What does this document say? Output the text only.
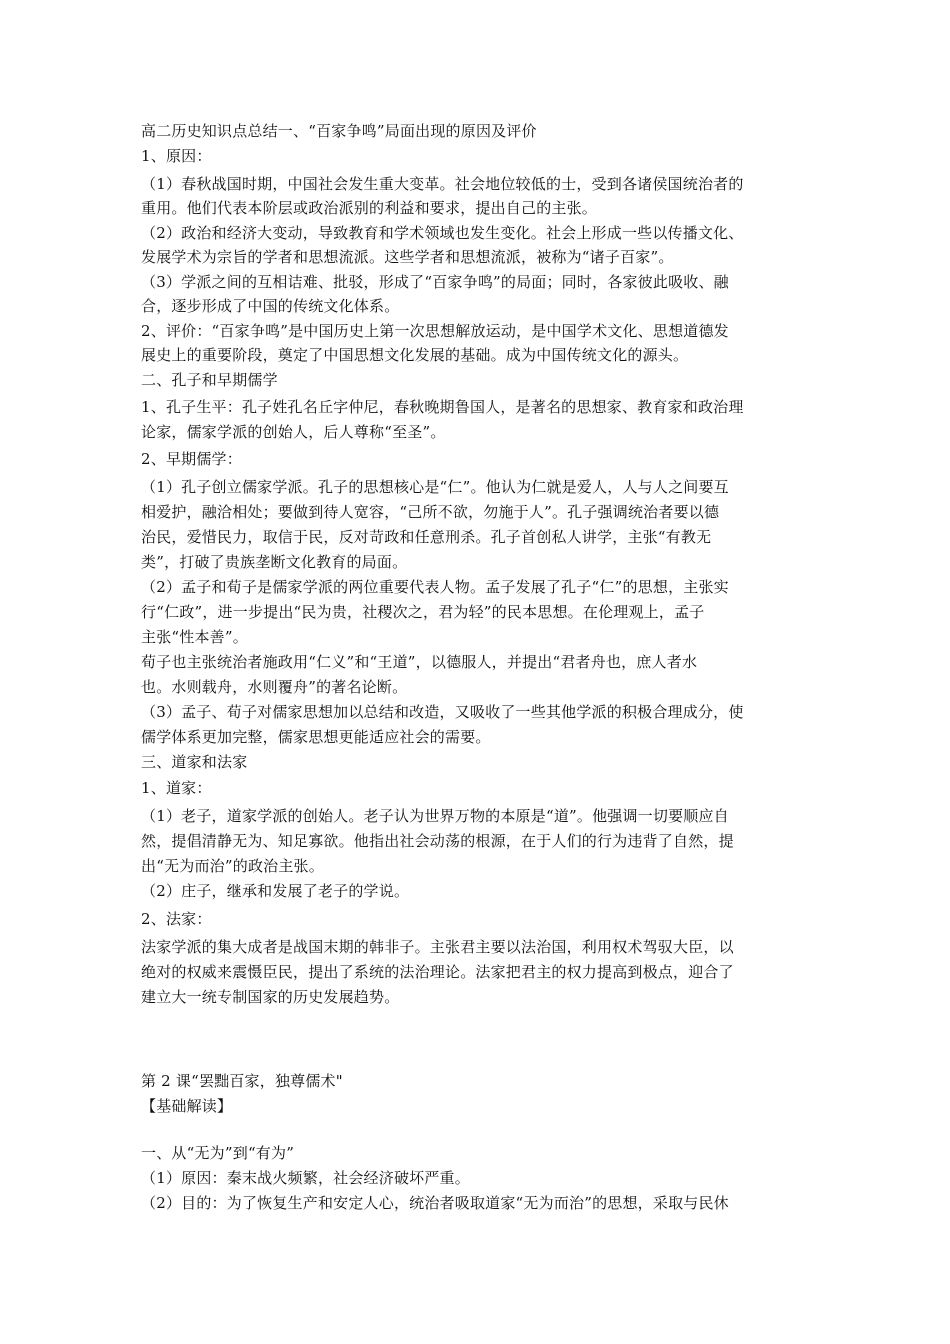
高二历史知识点总结一、“百家争鸣”局面出现的原因及评价
1、原因：
（1）春秋战国时期，中国社会发生重大变革。社会地位较低的士，受到各诸侯国统治者的
重用。他们代表本阶层或政治派别的利益和要求，提出自己的主张。
（2）政治和经济大变动，导致教育和学术领域也发生变化。社会上形成一些以传播文化、
发展学术为宗旨的学者和思想流派。这些学者和思想流派，被称为“诸子百家”。
（3）学派之间的互相诘难、批驳，形成了“百家争鸣”的局面；同时，各家彼此吸收、融
合，逐步形成了中国的传统文化体系。
2、评价：“百家争鸣”是中国历史上第一次思想解放运动，是中国学术文化、思想道德发
展史上的重要阶段，奠定了中国思想文化发展的基础。成为中国传统文化的源头。
二、孔子和早期儒学
1、孔子生平：孔子姓孔名丘字仲尼，春秋晚期鲁国人，是著名的思想家、教育家和政治理
论家，儒家学派的创始人，后人尊称“至圣”。
2、早期儒学：
（1）孔子创立儒家学派。孔子的思想核心是“仁”。他认为仁就是爱人，人与人之间要互
相爱护，融洽相处；要做到待人宽容，“己所不欲，勿施于人”。孔子强调统治者要以德
治民，爱惜民力，取信于民，反对苛政和任意刑杀。孔子首创私人讲学，主张“有教无
类”，打破了贵族垄断文化教育的局面。
（2）孟子和荀子是儒家学派的两位重要代表人物。孟子发展了孔子“仁”的思想，主张实
行“仁政”，进一步提出“民为贵，社稷次之，君为轻”的民本思想。在伦理观上，孟子
主张“性本善”。
荀子也主张统治者施政用“仁义”和“王道”，以德服人，并提出“君者舟也，庶人者水
也。水则载舟，水则覆舟”的著名论断。
（3）孟子、荀子对儒家思想加以总结和改造，又吸收了一些其他学派的积极合理成分，使
儒学体系更加完整，儒家思想更能适应社会的需要。
三、道家和法家
1、道家：
（1）老子，道家学派的创始人。老子认为世界万物的本原是“道”。他强调一切要顺应自
然，提倡清静无为、知足寡欲。他指出社会动荡的根源，在于人们的行为违背了自然，提
出“无为而治”的政治主张。
（2）庄子，继承和发展了老子的学说。
2、法家：
法家学派的集大成者是战国末期的韩非子。主张君主要以法治国，利用权术驾驭大臣，以
绝对的权威来震慑臣民，提出了系统的法治理论。法家把君主的权力提高到极点，迎合了
建立大一统专制国家的历史发展趋势。
第 2 课“罢黜百家，独尊儒术"
【基础解读】
一、从“无为”到“有为”
（1）原因：秦末战火频繁，社会经济破坏严重。
（2）目的：为了恢复生产和安定人心，统治者吸取道家“无为而治”的思想，采取与民休
